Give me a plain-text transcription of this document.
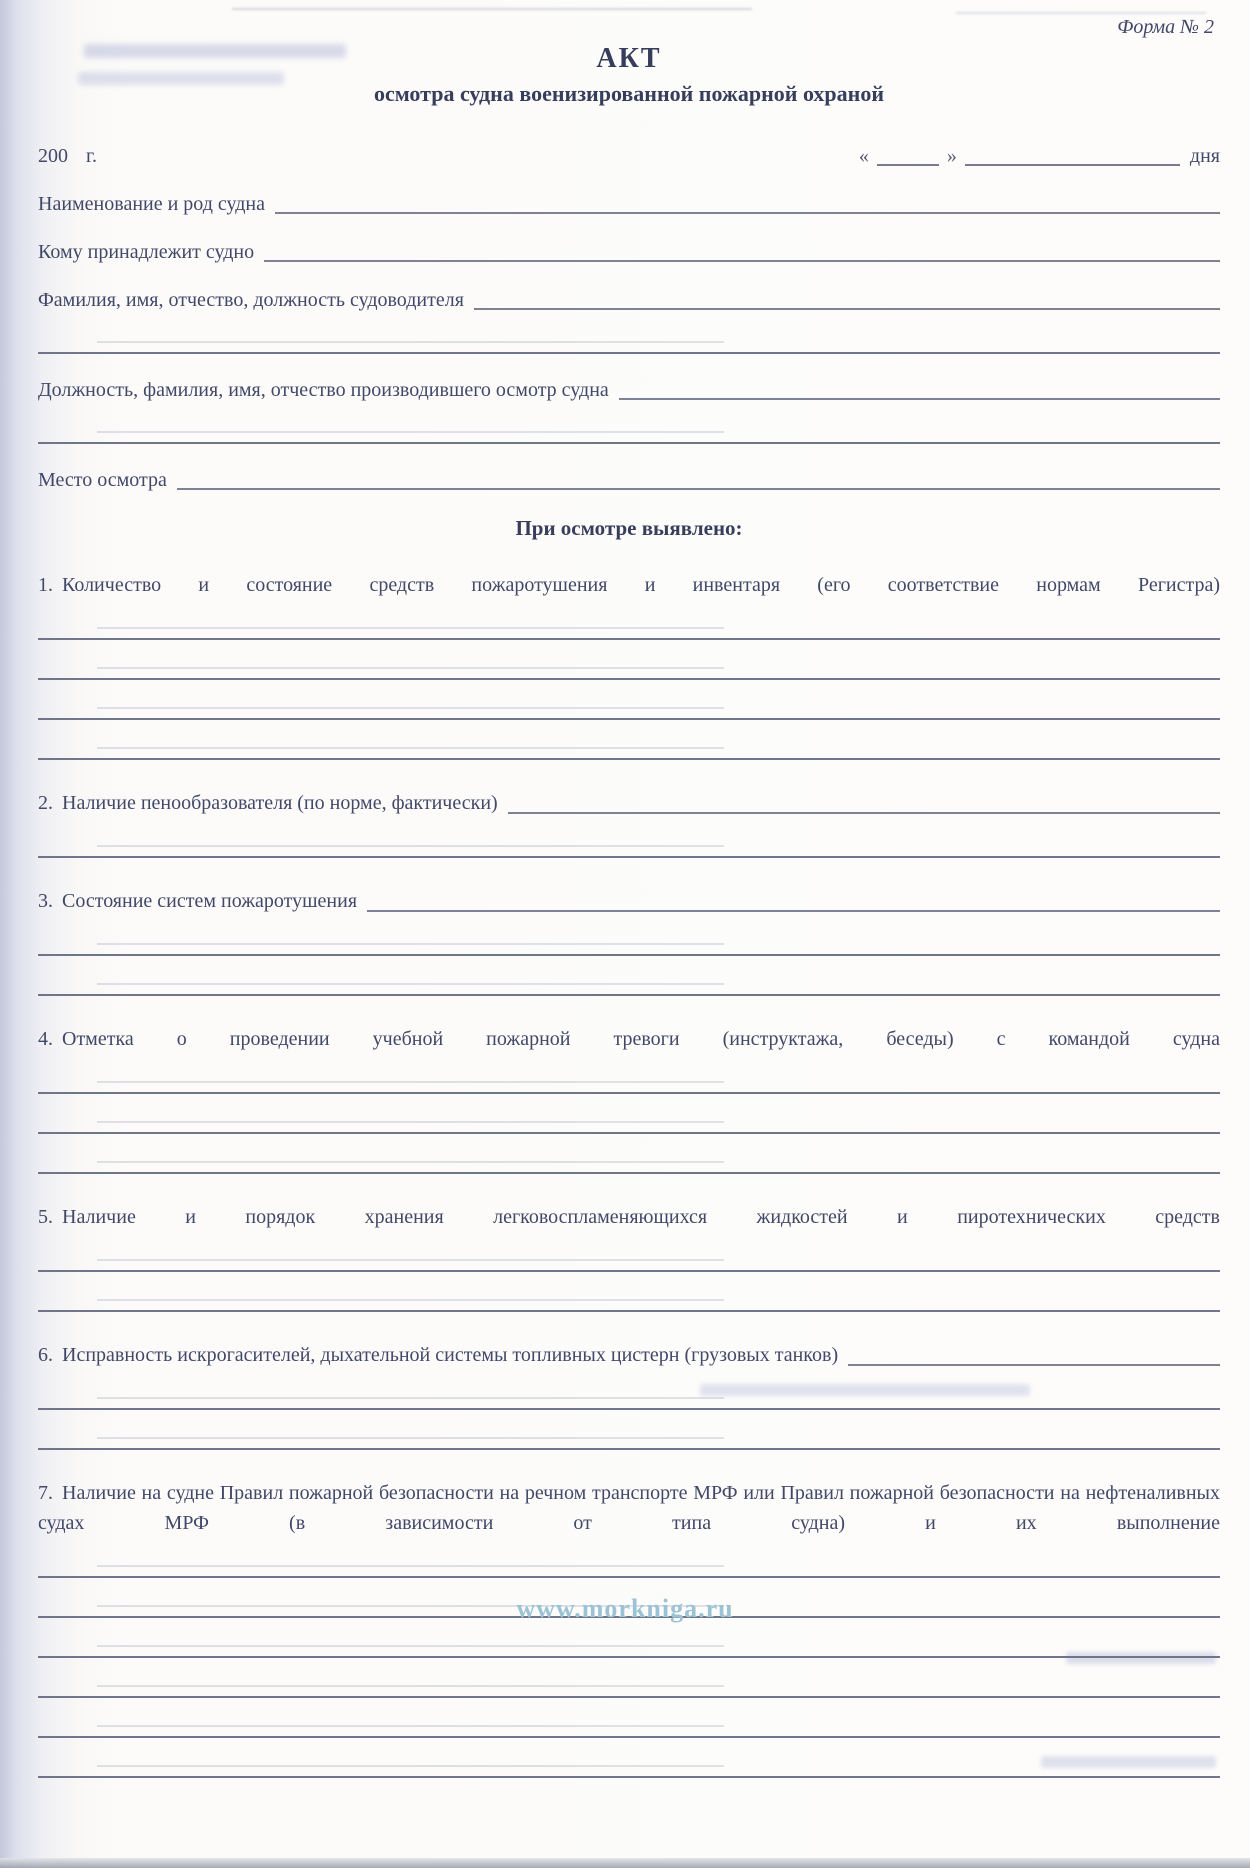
www.morkniga.ru
Форма № 2
АКТ
осмотра судна военизированной пожарной охраной
200 г.	«	»	дня
Наименование и род судна
Кому принадлежит судно
Фамилия, имя, отчество, должность судоводителя
Должность, фамилия, имя, отчество производившего осмотр судна
Место осмотра
При осмотре выявлено:

1. Количество и состояние средств пожаротушения и инвентаря (его соответствие нормам Регистра)

2. Наличие пенообразователя (по норме, фактически)
3. Состояние систем пожаротушения

4. Отметка о проведении учебной пожарной тревоги (инструктажа, беседы) с командой судна

5. Наличие и порядок хранения легковоспламеняющихся жидкостей и пиротехнических средств

6. Исправность искрогасителей, дыхательной системы топливных цистерн (грузовых танков)

7. Наличие на судне Правил пожарной безопасности на речном транспорте МРФ или Правил пожарной безопасности на нефтеналивных судах МРФ (в зависимости от типа судна) и их выполнение
